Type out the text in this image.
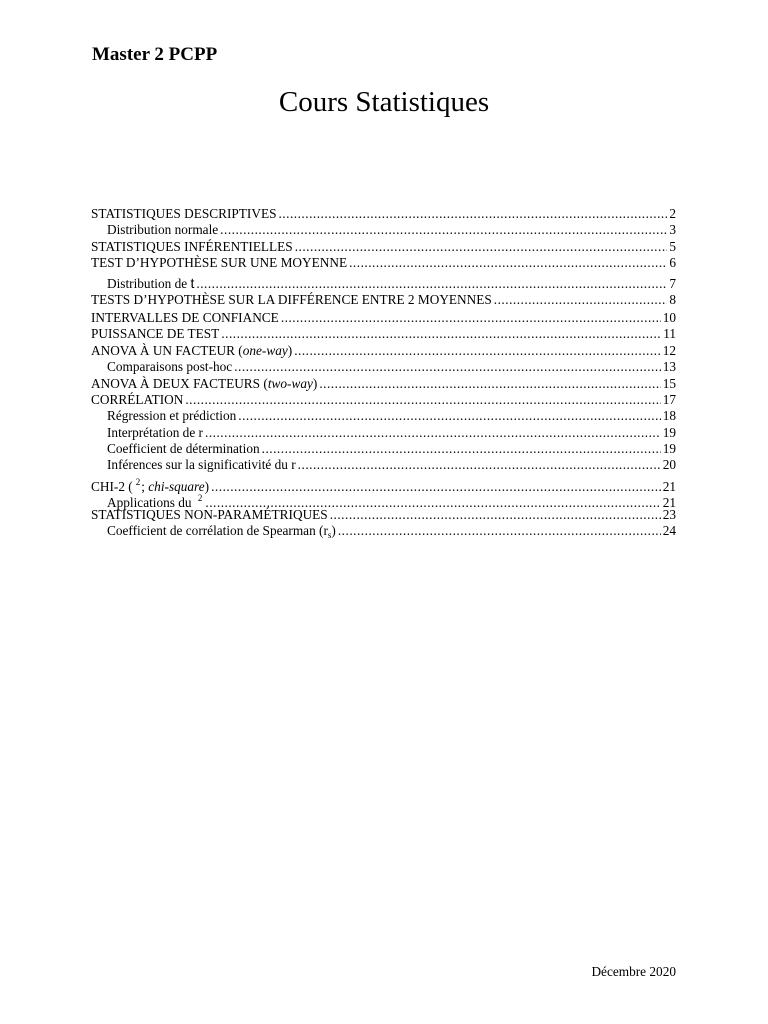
Master 2 PCPP
Cours Statistiques
STATISTIQUES DESCRIPTIVES .....	2
Distribution normale .....	3
STATISTIQUES INFÉRENTIELLES .....	5
TEST D’HYPOTHÈSE SUR UNE MOYENNE .....	6
Distribution de t .....	7
TESTS D’HYPOTHÈSE SUR LA DIFFÉRENCE ENTRE 2 MOYENNES .....	8
INTERVALLES DE CONFIANCE .....	10
PUISSANCE DE TEST .....	11
ANOVA À UN FACTEUR (one-way) .....	12
Comparaisons post-hoc .....	13
ANOVA À DEUX FACTEURS (two-way) .....	15
CORRÉLATION .....	17
Régression et prédiction .....	18
Interprétation de r .....	19
Coefficient de détermination .....	19
Inférences sur la significativité du r .....	20
CHI-2 ( $^2$; chi-square) .....	21
Applications du $^2$ .....	21
STATISTIQUES NON-PARAMÉTRIQUES .....	23
Coefficient de corrélation de Spearman $(r_s)$ .....	24
Décembre 2020
